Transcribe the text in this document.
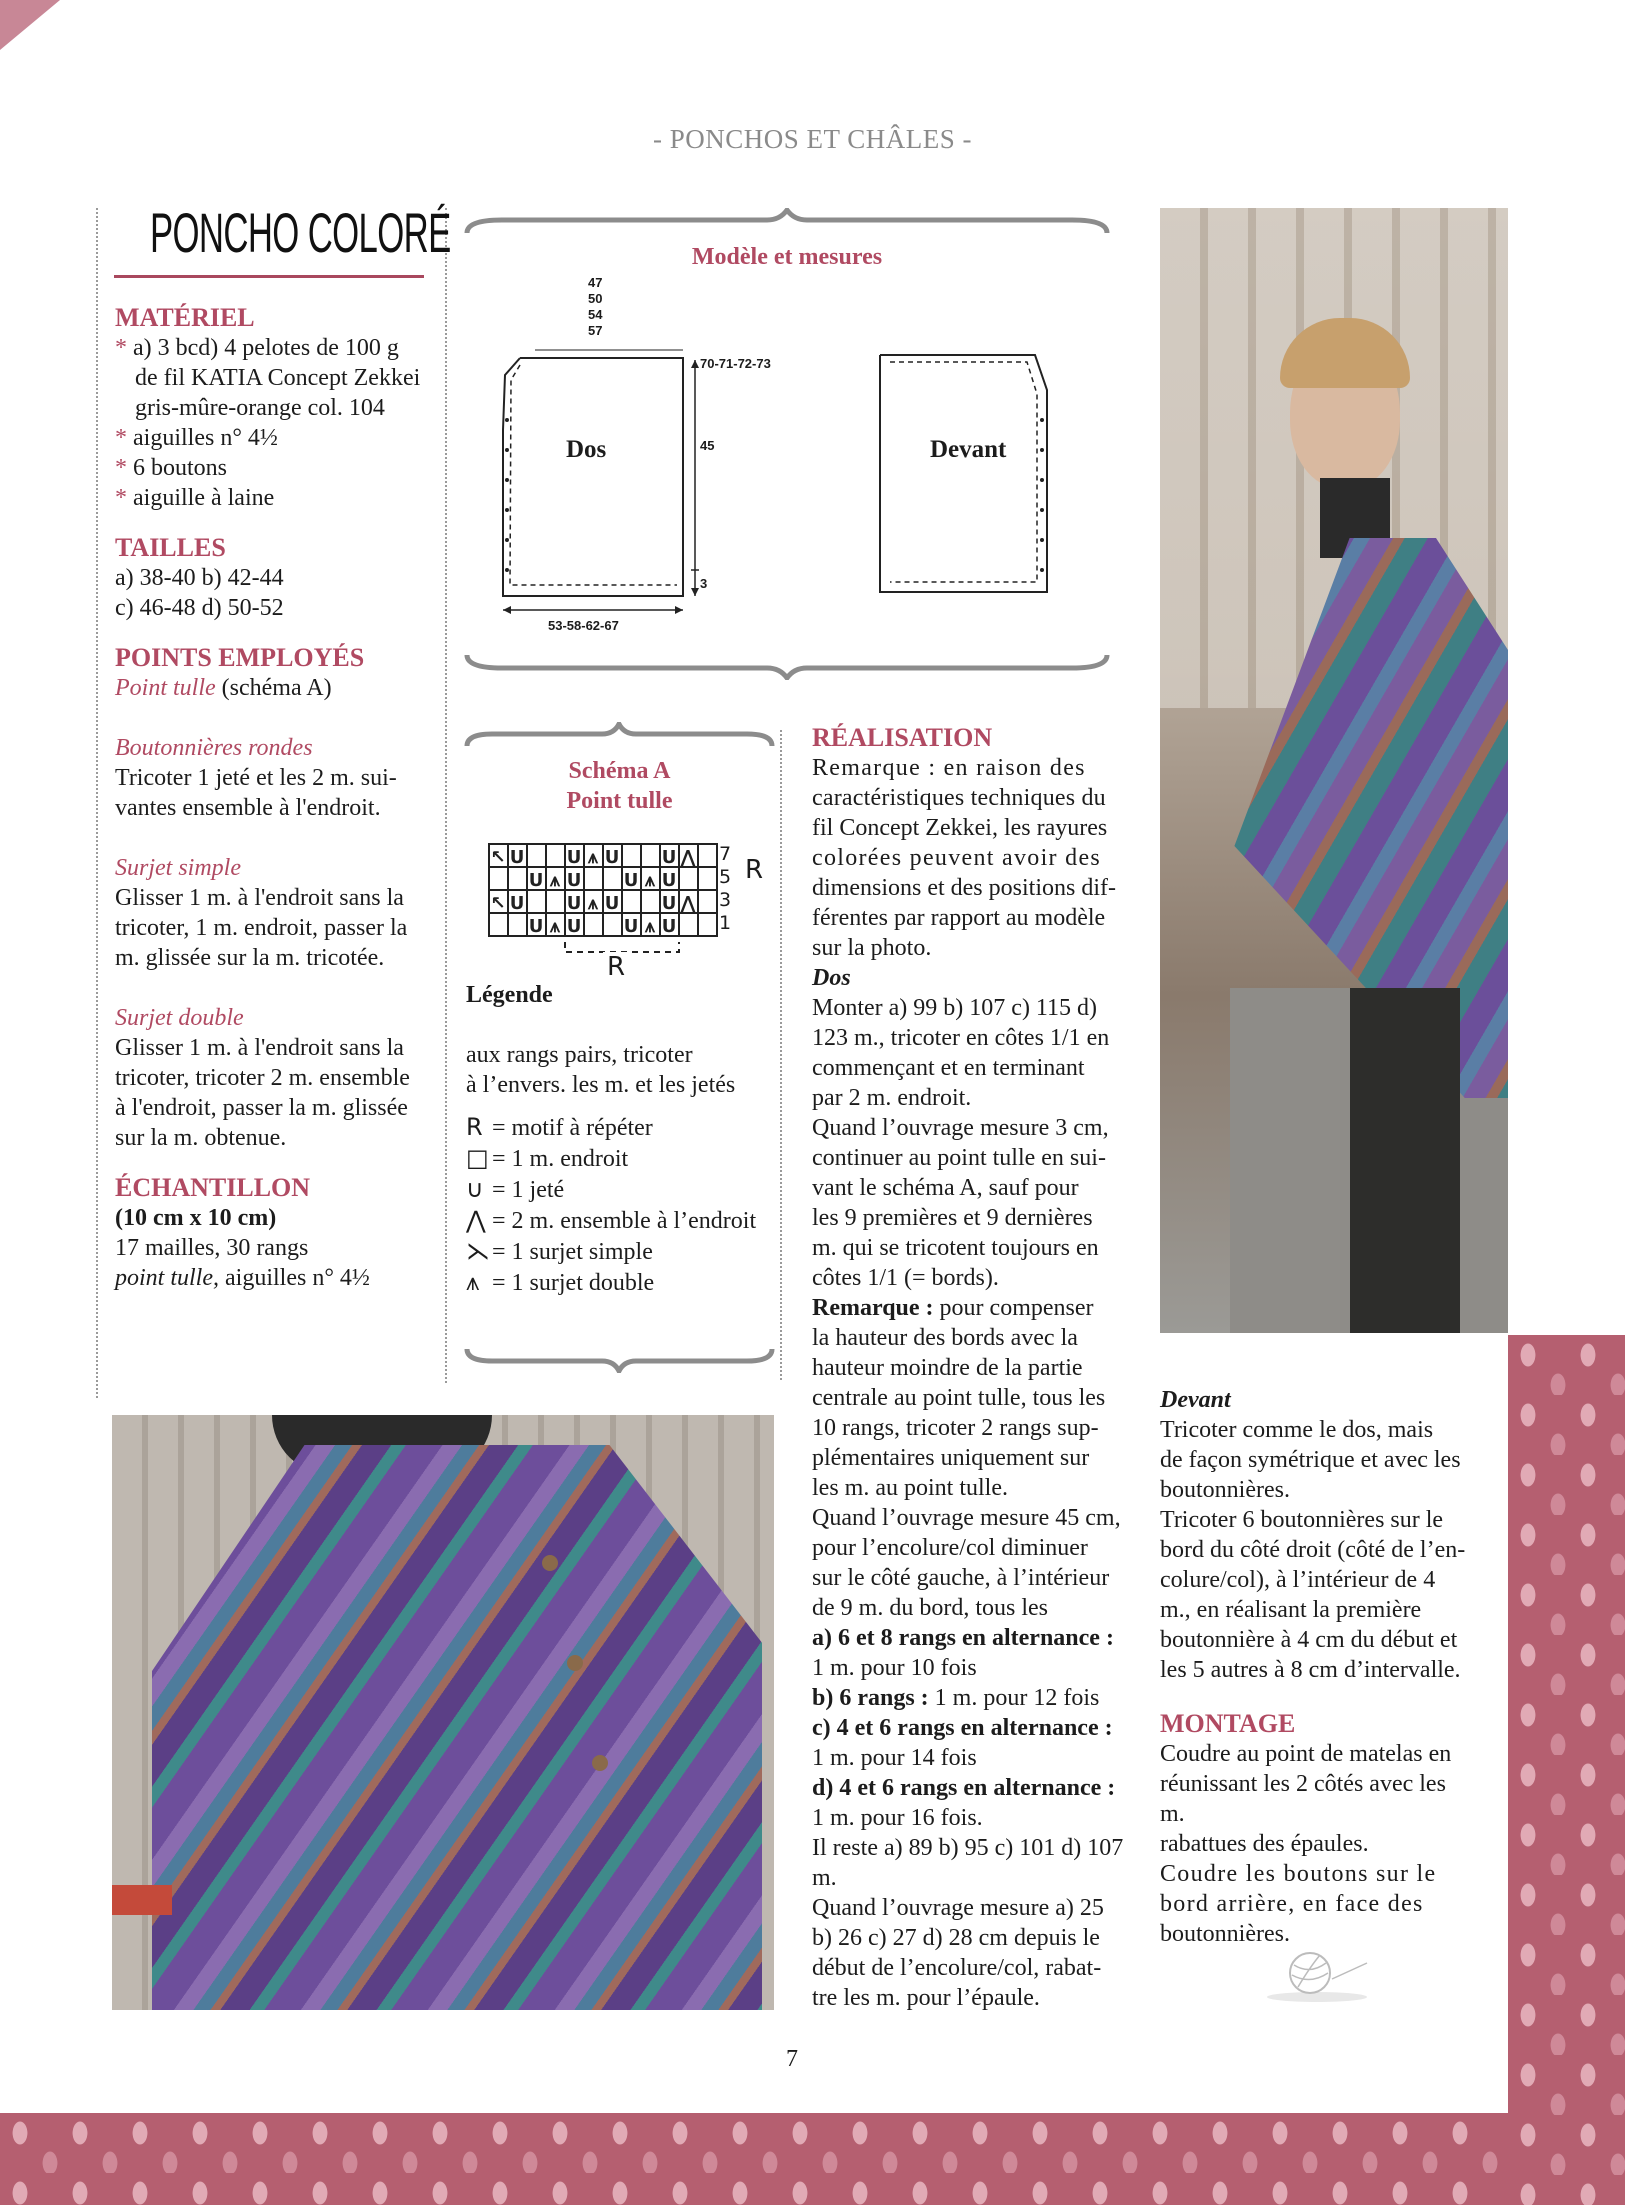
- PONCHOS ET CHÂLES -
PONCHO COLORÉ
MATÉRIEL

* a) 3 bcd) 4 pelotes de 100 g

de fil KATIA Concept Zekkei

gris-mûre-orange col. 104

* aiguilles n° 4½

* 6 boutons

* aiguille à laine

TAILLES

a) 38-40 b) 42-44

c) 46-48 d) 50-52

POINTS EMPLOYÉS

Point tulle (schéma A)

Boutonnières rondes

Tricoter 1 jeté et les 2 m. sui-

vantes ensemble à l'endroit.

Surjet simple

Glisser 1 m. à l'endroit sans la

tricoter, 1 m. endroit, passer la

m. glissée sur la m. tricotée.

Surjet double

Glisser 1 m. à l'endroit sans la

tricoter, tricoter 2 m. ensemble

à l'endroit, passer la m. glissée

sur la m. obtenue.

ÉCHANTILLON

(10 cm x 10 cm)

17 mailles, 30 rangs

point tulle, aiguilles n° 4½

Modèle et mesures
47
50
54
57
70-71-72-73
45
3
53-58-62-67
Dos	Devant
Schéma A
Point tulle
↖ U U ⩚ U U ⋀
U ⩚ U U ⩚ U
↖ U U ⩚ U U ⋀
U ⩚ U U ⩚ U
7
5
3
1
R
R

Légende

aux rangs pairs, tricoter

à l’envers. les m. et les jetés

R = motif à répéter

□ = 1 m. endroit

∪ = 1 jeté

⋀ = 2 m. ensemble à l’endroit

⋋= 1 surjet simple

⩚ = 1 surjet double

RÉALISATION

Remarque : en raison des

caractéristiques techniques du

fil Concept Zekkei, les rayures

colorées peuvent avoir des

dimensions et des positions dif-

férentes par rapport au modèle

sur la photo.

Dos

Monter a) 99 b) 107 c) 115 d)

123 m., tricoter en côtes 1/1 en

commençant et en terminant

par 2 m. endroit.

Quand l’ouvrage mesure 3 cm,

continuer au point tulle en sui-

vant le schéma A, sauf pour

les 9 premières et 9 dernières

m. qui se tricotent toujours en

côtes 1/1 (= bords).

Remarque : pour compenser

la hauteur des bords avec la

hauteur moindre de la partie

centrale au point tulle, tous les

10 rangs, tricoter 2 rangs sup-

plémentaires uniquement sur

les m. au point tulle.

Quand l’ouvrage mesure 45 cm,

pour l’encolure/col diminuer

sur le côté gauche, à l’intérieur

de 9 m. du bord, tous les

a) 6 et 8 rangs en alternance :

1 m. pour 10 fois

b) 6 rangs : 1 m. pour 12 fois

c) 4 et 6 rangs en alternance :

1 m. pour 14 fois

d) 4 et 6 rangs en alternance :

1 m. pour 16 fois.

Il reste a) 89 b) 95 c) 101 d) 107

m.

Quand l’ouvrage mesure a) 25

b) 26 c) 27 d) 28 cm depuis le

début de l’encolure/col, rabat-

tre les m. pour l’épaule.

Devant

Tricoter comme le dos, mais

de façon symétrique et avec les

boutonnières.

Tricoter 6 boutonnières sur le

bord du côté droit (côté de l’en-

colure/col), à l’intérieur de 4

m., en réalisant la première

boutonnière à 4 cm du début et

les 5 autres à 8 cm d’intervalle.

MONTAGE

Coudre au point de matelas en

réunissant les 2 côtés avec les m.

rabattues des épaules.

Coudre les boutons sur le

bord arrière, en face des

boutonnières.

7
